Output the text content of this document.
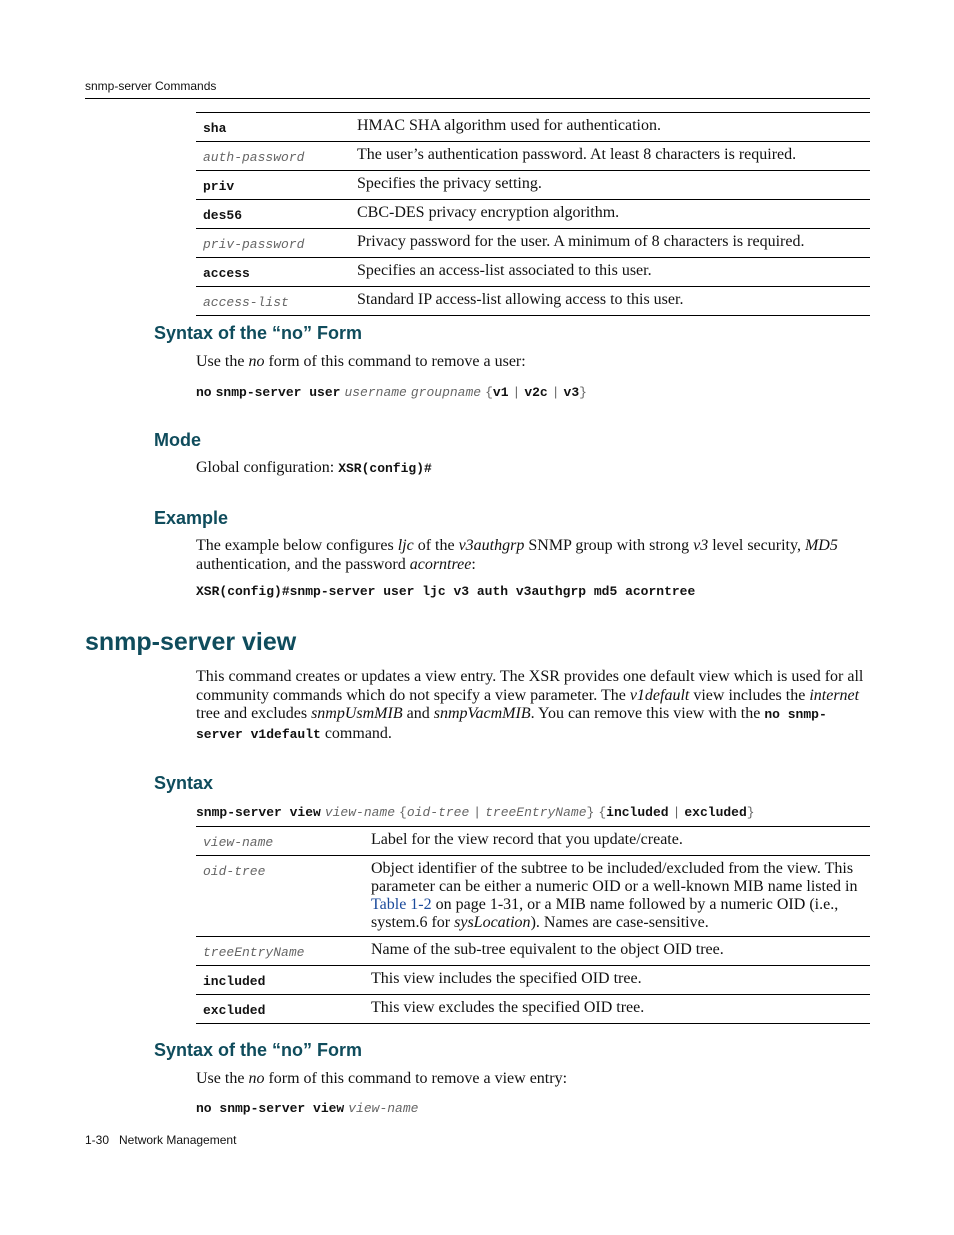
snmp-server Commands
sha	HMAC SHA algorithm used for authentication.
auth-password	The user’s authentication password. At least 8 characters is required.
priv	Specifies the privacy setting.
des56	CBC-DES privacy encryption algorithm.
priv-password	Privacy password for the user. A minimum of 8 characters is required.
access	Specifies an access-list associated to this user.
access-list	Standard IP access-list allowing access to this user.
Syntax of the “no” Form
Use the no form of this command to remove a user:
no snmp-server user username groupname {v1 | v2c | v3}
Mode
Global configuration: XSR(config)#
Example
The example below configures ljc of the v3authgrp SNMP group with strong v3 level security, MD5 authentication, and the password acorntree:
XSR(config)#snmp-server user ljc v3 auth v3authgrp md5 acorntree
snmp-server view
This command creates or updates a view entry. The XSR provides one default view which is used for all community commands which do not specify a view parameter. The v1default view includes the internet tree and excludes snmpUsmMIB and snmpVacmMIB. You can remove this view with the no snmp-server v1default command.
Syntax
snmp-server view view-name {oid-tree | treeEntryName} {included | excluded}
view-name	Label for the view record that you update/create.
oid-tree	Object identifier of the subtree to be included/excluded from the view. This parameter can be either a numeric OID or a well-known MIB name listed in Table 1-2 on page 1-31, or a MIB name followed by a numeric OID (i.e., system.6 for sysLocation). Names are case-sensitive.
treeEntryName	Name of the sub-tree equivalent to the object OID tree.
included	This view includes the specified OID tree.
excluded	This view excludes the specified OID tree.
Syntax of the “no” Form
Use the no form of this command to remove a view entry:
no snmp-server view view-name
1-30   Network Management
